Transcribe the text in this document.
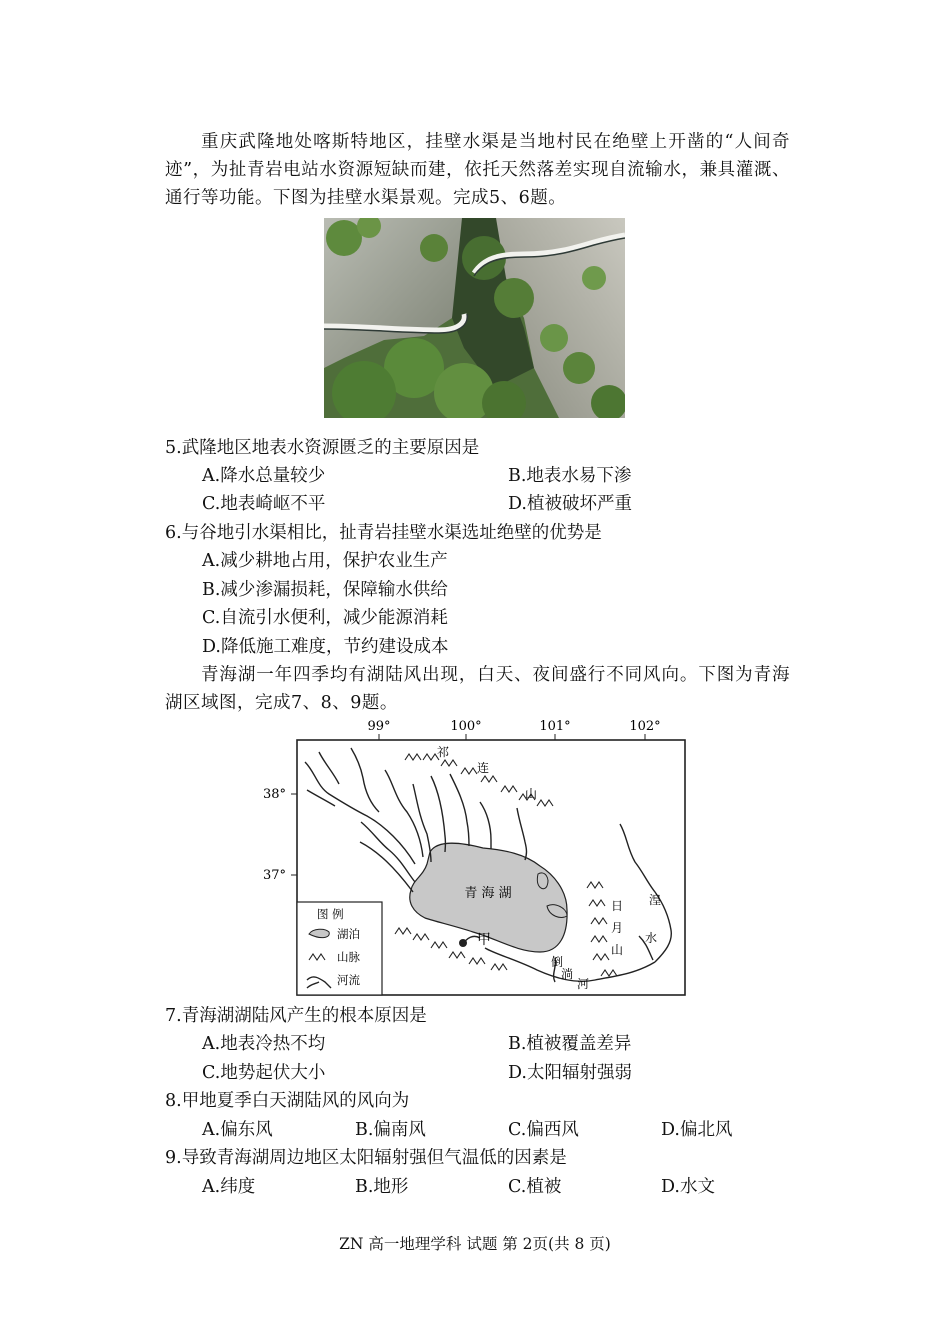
重庆武隆地处喀斯特地区，挂壁水渠是当地村民在绝壁上开凿的“人间奇迹”，为扯青岩电站水资源短缺而建，依托天然落差实现自流输水，兼具灌溉、通行等功能。下图为挂壁水渠景观。完成5、6题。

5.武隆地区地表水资源匮乏的主要原因是

A.降水总量较少	B.地表水易下渗
C.地表崎岖不平	D.植被破坏严重

6.与谷地引水渠相比，扯青岩挂壁水渠选址绝壁的优势是

A.减少耕地占用，保护农业生产
B.减少渗漏损耗，保障输水供给
C.自流引水便利，减少能源消耗
D.降低施工难度，节约建设成本

青海湖一年四季均有湖陆风出现，白天、夜间盛行不同风向。下图为青海湖区域图，完成7、8、9题。

99°	100°	101°	102°
38°
37°
青 海 湖
甲
祁
连
山
日
月
山
湟
水
倒
淌
河
图 例
湖泊
山脉
河流

7.青海湖湖陆风产生的根本原因是

A.地表冷热不均	B.植被覆盖差异
C.地势起伏大小	D.太阳辐射强弱

8.甲地夏季白天湖陆风的风向为

A.偏东风	B.偏南风	C.偏西风	D.偏北风

9.导致青海湖周边地区太阳辐射强但气温低的因素是

A.纬度	B.地形	C.植被	D.水文
ZN 高一地理学科 试题 第 2页(共 8 页)
